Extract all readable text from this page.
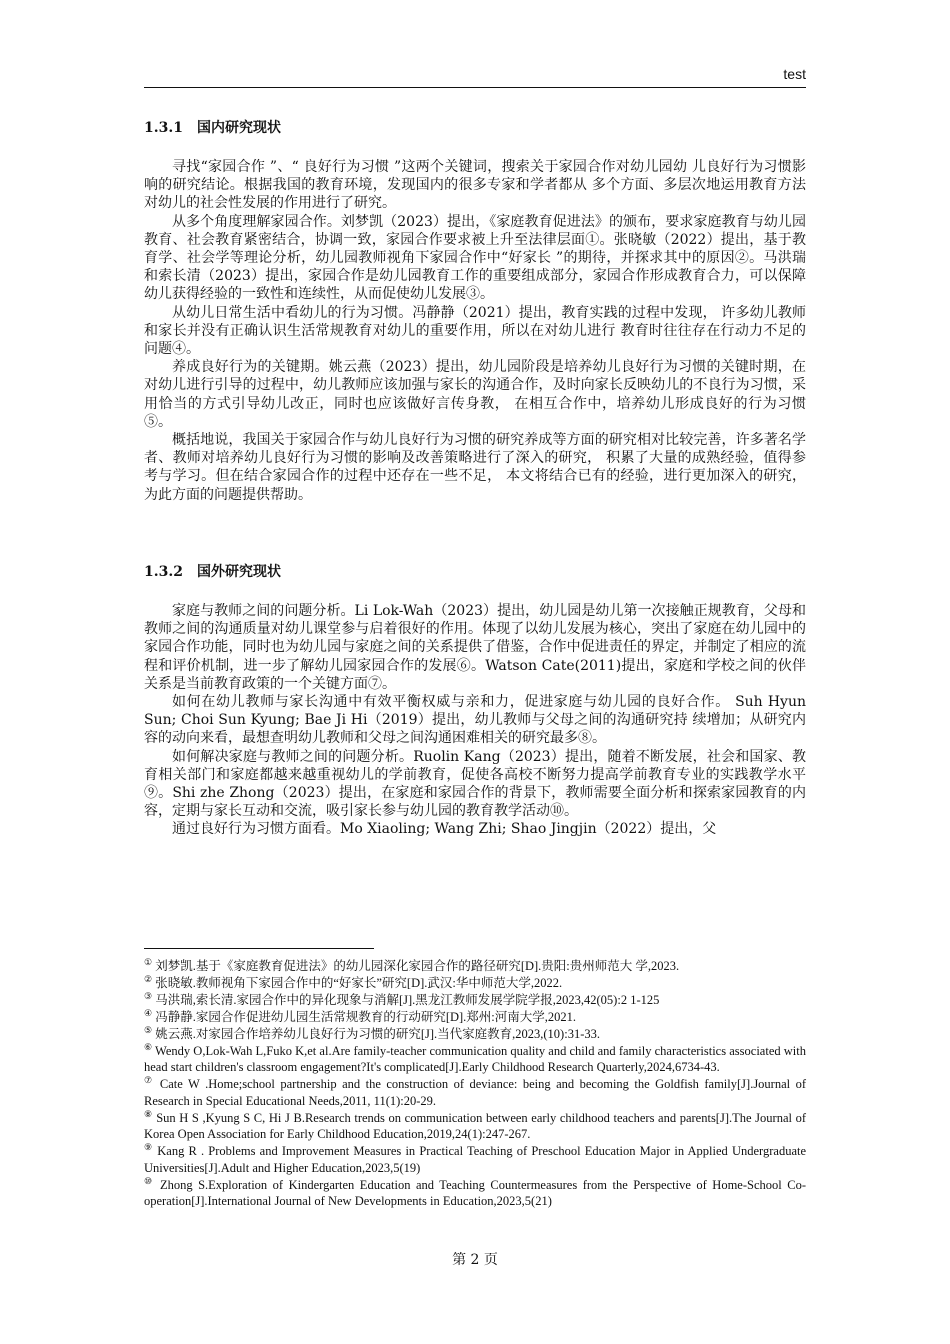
test
1.3.1 国内研究现状

寻找“家园合作 ”、“ 良好行为习惯 ”这两个关键词，搜索关于家园合作对幼儿园幼 儿良好行为习惯影响的研究结论。根据我国的教育环境，发现国内的很多专家和学者都从 多个方面、多层次地运用教育方法对幼儿的社会性发展的作用进行了研究。

从多个角度理解家园合作。刘梦凯（2023）提出，《家庭教育促进法》的颁布，要求家庭教育与幼儿园教育、社会教育紧密结合，协调一致，家园合作要求被上升至法律层面①。张晓敏（2022）提出，基于教育学、社会学等理论分析，幼儿园教师视角下家园合作中“好家长 ”的期待，并探求其中的原因②。马洪瑞和索长清（2023）提出，家园合作是幼儿园教育工作的重要组成部分，家园合作形成教育合力，可以保障幼儿获得经验的一致性和连续性，从而促使幼儿发展③。

从幼儿日常生活中看幼儿的行为习惯。冯静静（2021）提出，教育实践的过程中发现， 许多幼儿教师和家长并没有正确认识生活常规教育对幼儿的重要作用，所以在对幼儿进行 教育时往往存在行动力不足的问题④。

养成良好行为的关键期。姚云燕（2023）提出，幼儿园阶段是培养幼儿良好行为习惯的关键时期，在对幼儿进行引导的过程中，幼儿教师应该加强与家长的沟通合作，及时向家长反映幼儿的不良行为习惯，采用恰当的方式引导幼儿改正，同时也应该做好言传身教， 在相互合作中，培养幼儿形成良好的行为习惯⑤。

概括地说，我国关于家园合作与幼儿良好行为习惯的研究养成等方面的研究相对比较完善，许多著名学者、教师对培养幼儿良好行为习惯的影响及改善策略进行了深入的研究， 积累了大量的成熟经验，值得参考与学习。但在结合家园合作的过程中还存在一些不足， 本文将结合已有的经验，进行更加深入的研究，为此方面的问题提供帮助。

1.3.2 国外研究现状

家庭与教师之间的问题分析。Li Lok-Wah（2023）提出，幼儿园是幼儿第一次接触正规教育，父母和教师之间的沟通质量对幼儿课堂参与启着很好的作用。体现了以幼儿发展为核心，突出了家庭在幼儿园中的家园合作功能，同时也为幼儿园与家庭之间的关系提供了借鉴，合作中促进责任的界定，并制定了相应的流程和评价机制，进一步了解幼儿园家园合作的发展⑥。Watson Cate(2011)提出，家庭和学校之间的伙伴关系是当前教育政策的一个关键方面⑦。

如何在幼儿教师与家长沟通中有效平衡权威与亲和力，促进家庭与幼儿园的良好合作。 Suh Hyun Sun; Choi Sun Kyung; Bae Ji Hi（2019）提出，幼儿教师与父母之间的沟通研究持 续增加；从研究内容的动向来看，最想查明幼儿教师和父母之间沟通困难相关的研究最多⑧。

如何解决家庭与教师之间的问题分析。Ruolin Kang（2023）提出，随着不断发展，社会和国家、教育相关部门和家庭都越来越重视幼儿的学前教育，促使各高校不断努力提高学前教育专业的实践教学水平⑨。Shi zhe Zhong（2023）提出，在家庭和家园合作的背景下，教师需要全面分析和探索家园教育的内容，定期与家长互动和交流，吸引家长参与幼儿园的教育教学活动⑩。

通过良好行为习惯方面看。Mo Xiaoling; Wang Zhi; Shao Jingjin（2022）提出，父

① 刘梦凯.基于《家庭教育促进法》的幼儿园深化家园合作的路径研究[D].贵阳:贵州师范大 学,2023.

② 张晓敏.教师视角下家园合作中的“好家长”研究[D].武汉:华中师范大学,2022.

③ 马洪瑞,索长清.家园合作中的异化现象与消解[J].黑龙江教师发展学院学报,2023,42(05):2 1-125

④ 冯静静.家园合作促进幼儿园生活常规教育的行动研究[D].郑州:河南大学,2021.

⑤ 姚云燕.对家园合作培养幼儿良好行为习惯的研究[J].当代家庭教育,2023,(10):31-33.

⑥ Wendy O,Lok-Wah L,Fuko K,et al.Are family-teacher communication quality and child and family characteristics associated with head start children's classroom engagement?It's complicated[J].Early Childhood Research Quarterly,2024,6734-43.

⑦ Cate W .Home;school partnership and the construction of deviance: being and becoming the Goldfish family[J].Journal of Research in Special Educational Needs,2011, 11(1):20-29.

⑧ Sun H S ,Kyung S C, Hi J B.Research trends on communication between early childhood teachers and parents[J].The Journal of Korea Open Association for Early Childhood Education,2019,24(1):247-267.

⑨ Kang R . Problems and Improvement Measures in Practical Teaching of Preschool Education Major in Applied Undergraduate Universities[J].Adult and Higher Education,2023,5(19)

⑩ Zhong S.Exploration of Kindergarten Education and Teaching Countermeasures from the Perspective of Home-School Co-operation[J].International Journal of New Developments in Education,2023,5(21)

第 2 页
